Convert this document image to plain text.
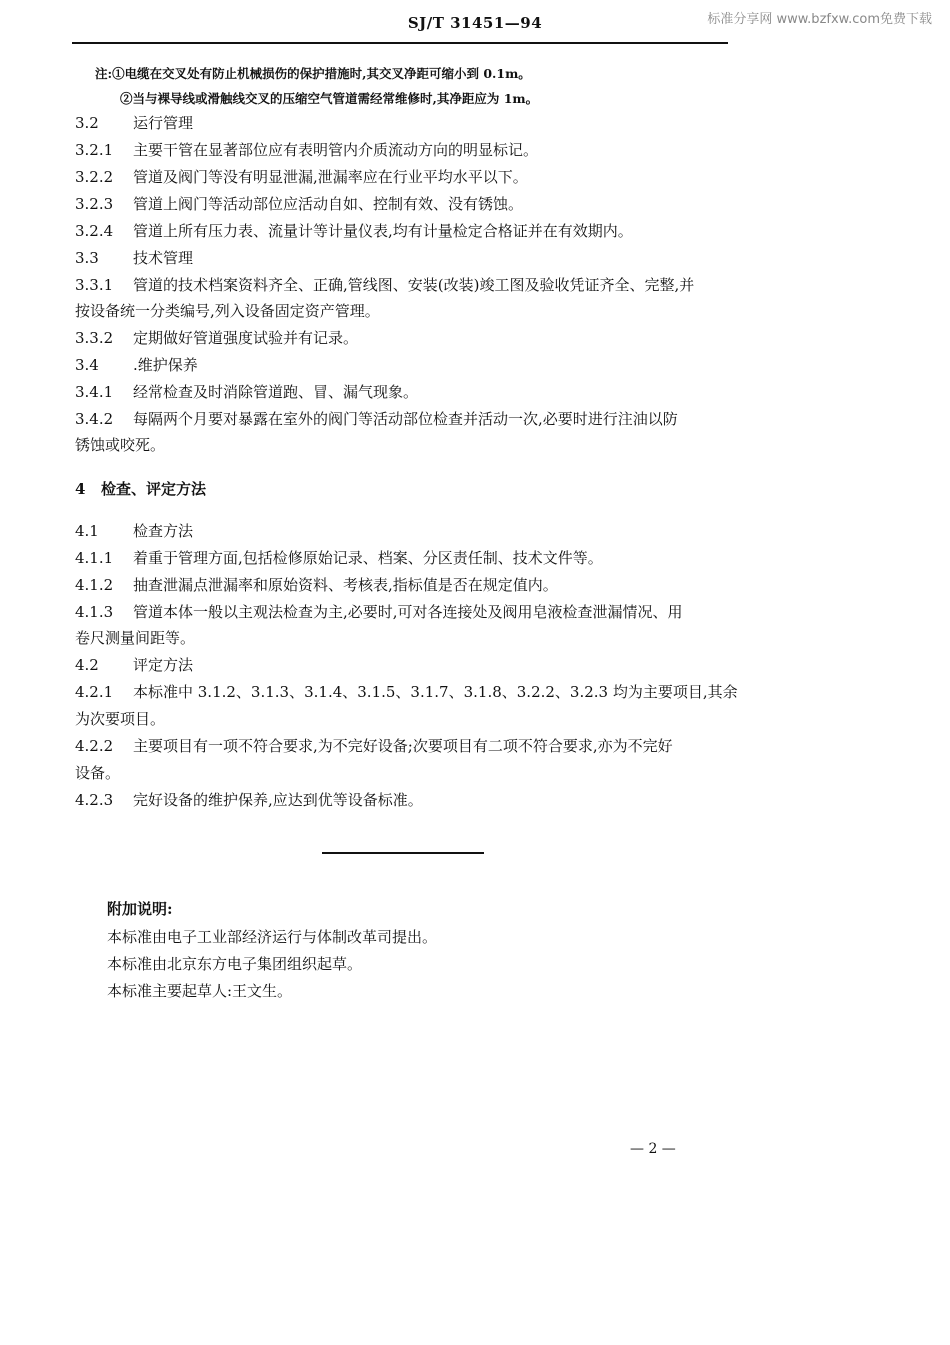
标准分享网 www.bzfxw.com免费下载
SJ/T 31451—94
注:①电缆在交叉处有防止机械损伤的保护措施时,其交叉净距可缩小到 0.1m。
②当与裸导线或滑触线交叉的压缩空气管道需经常维修时,其净距应为 1m。
3.2 运行管理
3.2.1 主要干管在显著部位应有表明管内介质流动方向的明显标记。
3.2.2 管道及阀门等没有明显泄漏,泄漏率应在行业平均水平以下。
3.2.3 管道上阀门等活动部位应活动自如、控制有效、没有锈蚀。
3.2.4 管道上所有压力表、流量计等计量仪表,均有计量检定合格证并在有效期内。
3.3 技术管理
3.3.1 管道的技术档案资料齐全、正确,管线图、安装(改装)竣工图及验收凭证齐全、完整,并
按设备统一分类编号,列入设备固定资产管理。
3.3.2 定期做好管道强度试验并有记录。
3.4 .维护保养
3.4.1 经常检查及时消除管道跑、冒、漏气现象。
3.4.2 每隔两个月要对暴露在室外的阀门等活动部位检查并活动一次,必要时进行注油以防
锈蚀或咬死。
4 检查、评定方法
4.1 检查方法
4.1.1 着重于管理方面,包括检修原始记录、档案、分区责任制、技术文件等。
4.1.2 抽查泄漏点泄漏率和原始资料、考核表,指标值是否在规定值内。
4.1.3 管道本体一般以主观法检查为主,必要时,可对各连接处及阀用皂液检查泄漏情况、用
卷尺测量间距等。
4.2 评定方法
4.2.1 本标准中 3.1.2、3.1.3、3.1.4、3.1.5、3.1.7、3.1.8、3.2.2、3.2.3 均为主要项目,其余
为次要项目。
4.2.2 主要项目有一项不符合要求,为不完好设备;次要项目有二项不符合要求,亦为不完好
设备。
4.2.3 完好设备的维护保养,应达到优等设备标准。
附加说明:
本标准由电子工业部经济运行与体制改革司提出。
本标准由北京东方电子集团组织起草。
本标准主要起草人:王文生。
— 2 —
